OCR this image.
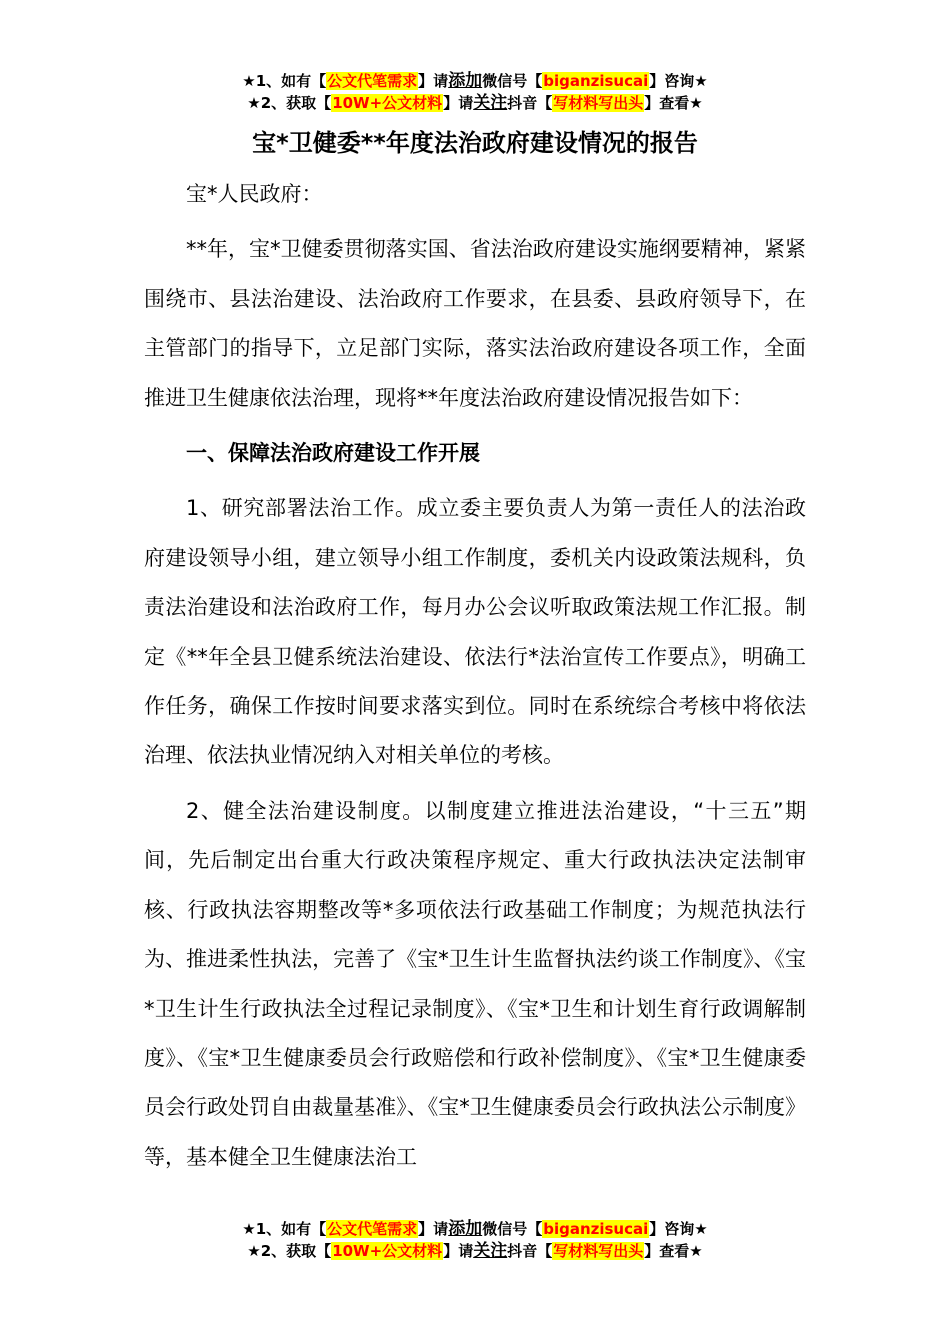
★1、如有【公文代笔需求】请添加微信号【biganzisucai】咨询★
★2、获取【10W+公文材料】请关注抖音【写材料写出头】查看★
宝*卫健委**年度法治政府建设情况的报告

宝*人民政府：

**年，宝*卫健委贯彻落实国、省法治政府建设实施纲要精神，紧紧围绕市、县法治建设、法治政府工作要求，在县委、县政府领导下，在主管部门的指导下，立足部门实际，落实法治政府建设各项工作，全面推进卫生健康依法治理，现将**年度法治政府建设情况报告如下：

一、保障法治政府建设工作开展

1、研究部署法治工作。成立委主要负责人为第一责任人的法治政府建设领导小组，建立领导小组工作制度，委机关内设政策法规科，负责法治建设和法治政府工作，每月办公会议听取政策法规工作汇报。制定《**年全县卫健系统法治建设、依法行*法治宣传工作要点》，明确工作任务，确保工作按时间要求落实到位。同时在系统综合考核中将依法治理、依法执业情况纳入对相关单位的考核。

2、健全法治建设制度。以制度建立推进法治建设，“十三五”期间，先后制定出台重大行政决策程序规定、重大行政执法决定法制审核、行政执法容期整改等*多项依法行政基础工作制度；为规范执法行为、推进柔性执法，完善了《宝*卫生计生监督执法约谈工作制度》、《宝*卫生计生行政执法全过程记录制度》、《宝*卫生和计划生育行政调解制度》、《宝*卫生健康委员会行政赔偿和行政补偿制度》、《宝*卫生健康委员会行政处罚自由裁量基准》、《宝*卫生健康委员会行政执法公示制度》等，基本健全卫生健康法治工

★1、如有【公文代笔需求】请添加微信号【biganzisucai】咨询★
★2、获取【10W+公文材料】请关注抖音【写材料写出头】查看★
